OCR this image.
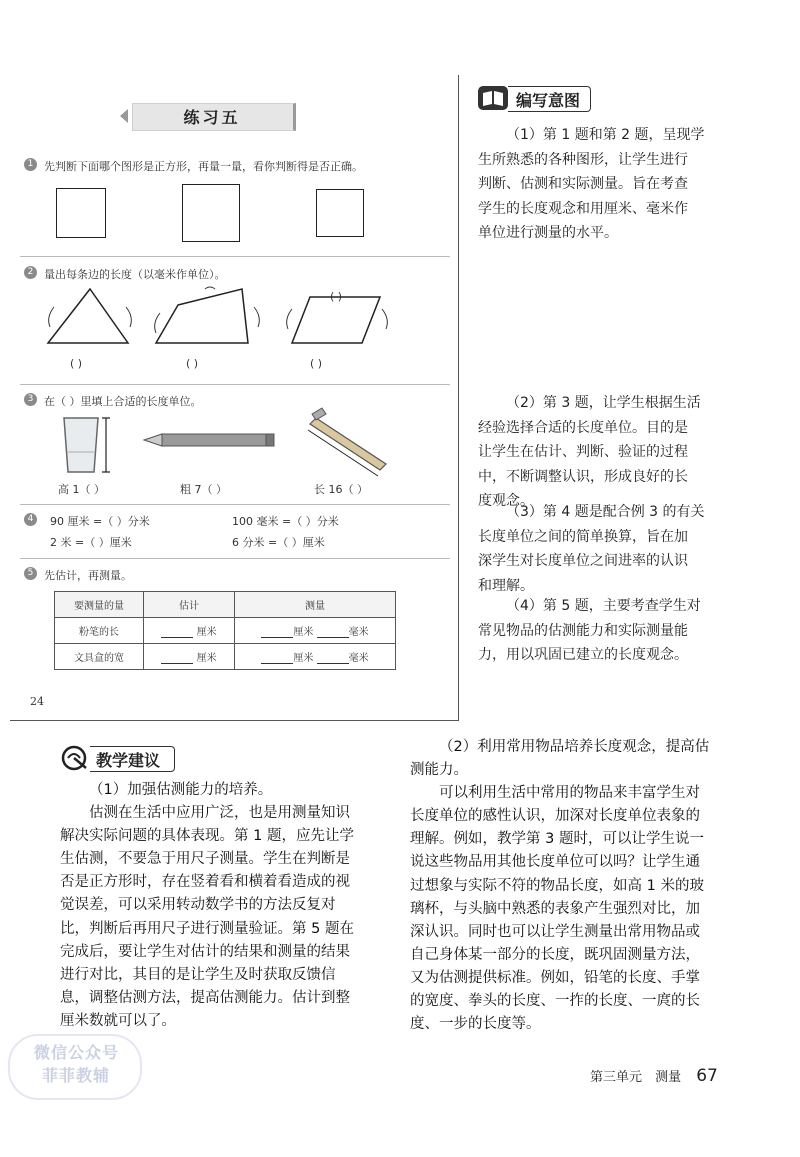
练习五
1 先判断下面哪个图形是正方形，再量一量，看你判断得是否正确。
2 量出每条边的长度（以毫米作单位）。
( )
( )	( )	( )
3 在（ ）里填上合适的长度单位。
高 1（ ）	粗 7（ ）	长 16（ ）
4	90 厘米 =（ ）分米	100 毫米 =（ ）分米
2 米 =（ ）厘米	6 分米 =（ ）厘米
5 先估计，再测量。
要测量的量	估计	测量
粉笔的长	厘米	厘米 毫米
文具盒的宽	厘米	厘米 毫米
24
编写意图
（1）第 1 题和第 2 题，呈现学
生所熟悉的各种图形，让学生进行
判断、估测和实际测量。旨在考查
学生的长度观念和用厘米、毫米作
单位进行测量的水平。
（2）第 3 题，让学生根据生活
经验选择合适的长度单位。目的是
让学生在估计、判断、验证的过程
中，不断调整认识，形成良好的长
度观念。
（3）第 4 题是配合例 3 的有关
长度单位之间的简单换算，旨在加
深学生对长度单位之间进率的认识
和理解。
（4）第 5 题，主要考查学生对
常见物品的估测能力和实际测量能
力，用以巩固已建立的长度观念。
教学建议
（1）加强估测能力的培养。
估测在生活中应用广泛，也是用测量知识
解决实际问题的具体表现。第 1 题，应先让学
生估测，不要急于用尺子测量。学生在判断是
否是正方形时，存在竖着看和横着看造成的视
觉误差，可以采用转动数学书的方法反复对
比，判断后再用尺子进行测量验证。第 5 题在
完成后，要让学生对估计的结果和测量的结果
进行对比，其目的是让学生及时获取反馈信
息，调整估测方法，提高估测能力。估计到整
厘米数就可以了。
（2）利用常用物品培养长度观念，提高估
测能力。
可以利用生活中常用的物品来丰富学生对
长度单位的感性认识，加深对长度单位表象的
理解。例如，教学第 3 题时，可以让学生说一
说这些物品用其他长度单位可以吗？让学生通
过想象与实际不符的物品长度，如高 1 米的玻
璃杯，与头脑中熟悉的表象产生强烈对比，加
深认识。同时也可以让学生测量出常用物品或
自己身体某一部分的长度，既巩固测量方法，
又为估测提供标准。例如，铅笔的长度、手掌
的宽度、拳头的长度、一拃的长度、一庹的长
度、一步的长度等。
第三单元 测量 67
微信公众号
菲菲教辅
